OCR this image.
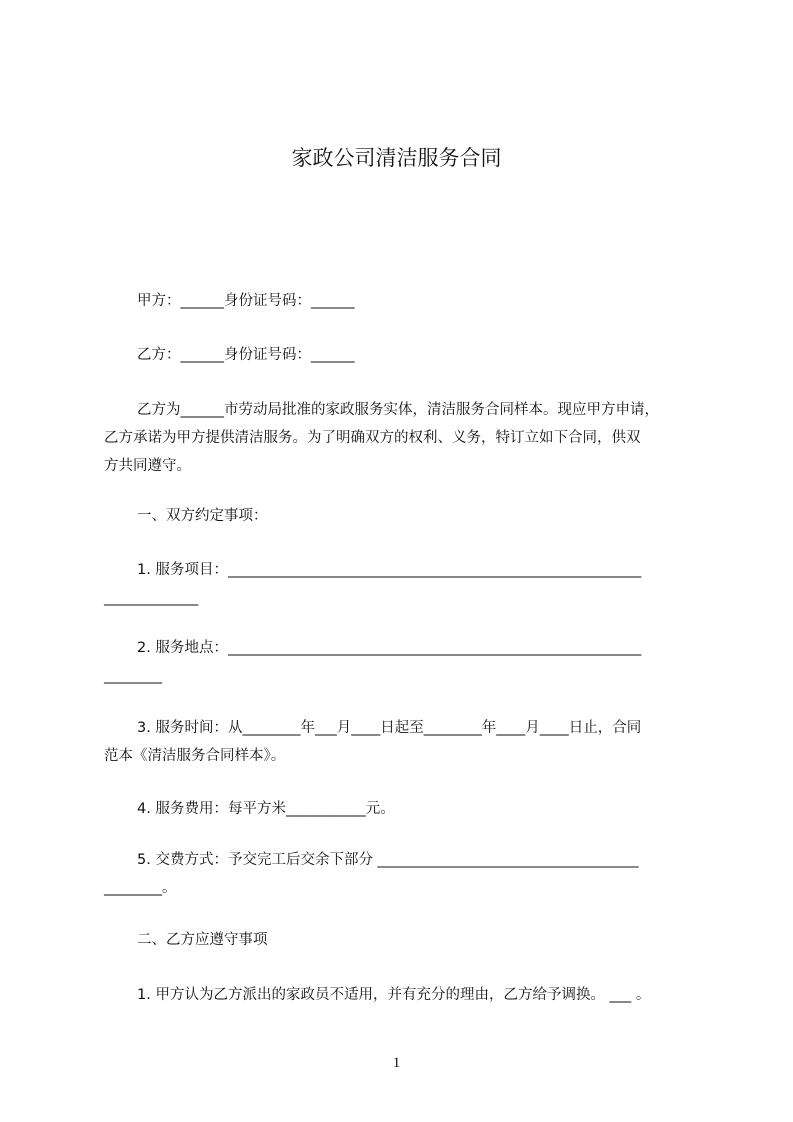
家政公司清洁服务合同
甲方：______身份证号码：______
乙方：______身份证号码：______
乙方为______市劳动局批准的家政服务实体，清洁服务合同样本。现应甲方申请，
乙方承诺为甲方提供清洁服务。为了明确双方的权利、义务，特订立如下合同，供双
方共同遵守。
一、双方约定事项：
1. 服务项目：_________________________________________________________
_____________
2. 服务地点：_________________________________________________________
________
3. 服务时间：从________年___月____日起至________年____月____日止，合同
范本《清洁服务合同样本》。
4. 服务费用：每平方米___________元。
5. 交费方式：予交完工后交余下部分 ____________________________________
________。
二、乙方应遵守事项
1. 甲方认为乙方派出的家政员不适用，并有充分的理由，乙方给予调换。 ___ 。
1
